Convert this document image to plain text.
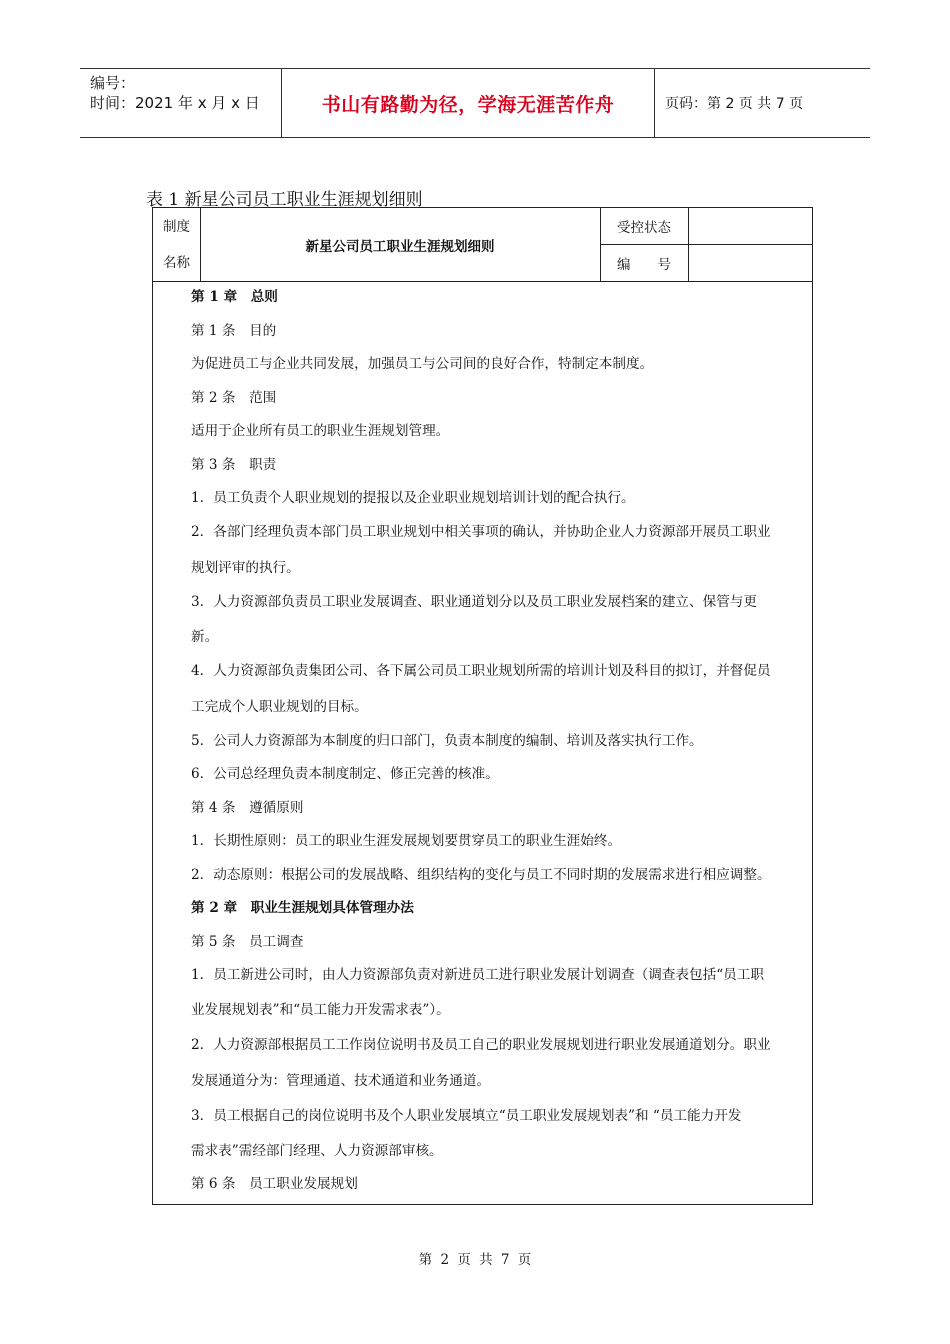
编号：
时间：2021 年 x 月 x 日	书山有路勤为径，学海无涯苦作舟	页码：第 2 页 共 7 页
表 1 新星公司员工职业生涯规划细则
制度
名称
新星公司员工职业生涯规划细则
受控状态
编　　号
第 1 章　总则
第 1 条　目的
为促进员工与企业共同发展，加强员工与公司间的良好合作，特制定本制度。
第 2 条　范围
适用于企业所有员工的职业生涯规划管理。
第 3 条　职责
1．员工负责个人职业规划的提报以及企业职业规划培训计划的配合执行。
2．各部门经理负责本部门员工职业规划中相关事项的确认，并协助企业人力资源部开展员工职业
规划评审的执行。
3．人力资源部负责员工职业发展调查、职业通道划分以及员工职业发展档案的建立、保管与更
新。
4．人力资源部负责集团公司、各下属公司员工职业规划所需的培训计划及科目的拟订，并督促员
工完成个人职业规划的目标。
5．公司人力资源部为本制度的归口部门，负责本制度的编制、培训及落实执行工作。
6．公司总经理负责本制度制定、修正完善的核准。
第 4 条　遵循原则
1．长期性原则：员工的职业生涯发展规划要贯穿员工的职业生涯始终。
2．动态原则：根据公司的发展战略、组织结构的变化与员工不同时期的发展需求进行相应调整。
第 2 章　职业生涯规划具体管理办法
第 5 条　员工调查
1．员工新进公司时，由人力资源部负责对新进员工进行职业发展计划调查（调查表包括“员工职
业发展规划表”和“员工能力开发需求表”）。
2．人力资源部根据员工工作岗位说明书及员工自己的职业发展规划进行职业发展通道划分。职业
发展通道分为：管理通道、技术通道和业务通道。
3．员工根据自己的岗位说明书及个人职业发展填立“员工职业发展规划表”和 “员工能力开发
需求表”需经部门经理、人力资源部审核。
第 6 条　员工职业发展规划
第 2 页 共 7 页
